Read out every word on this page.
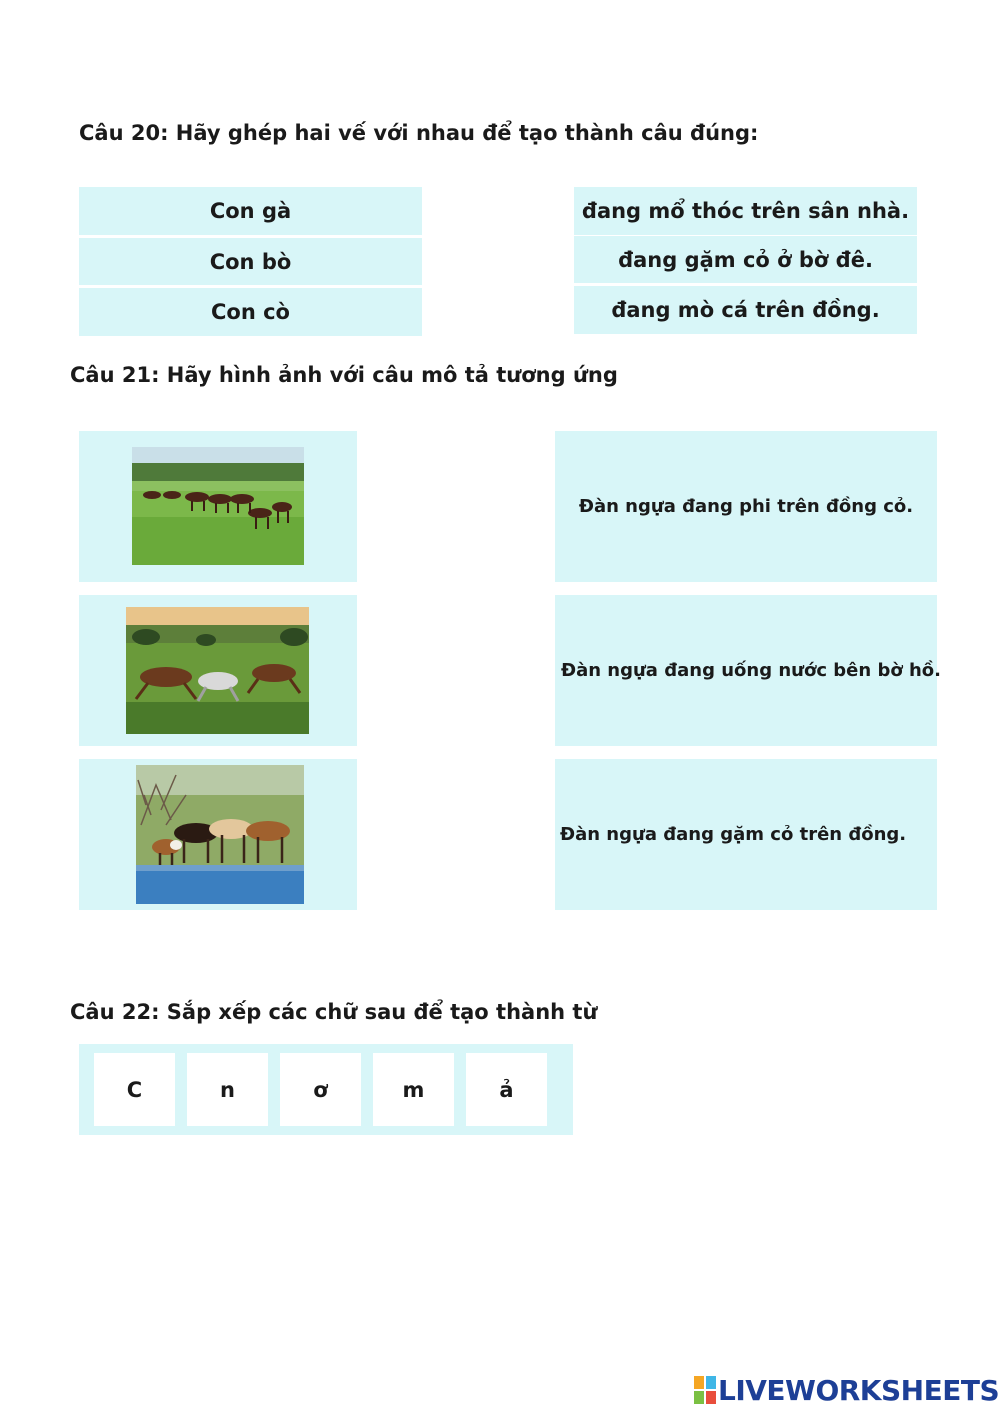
Câu 20: Hãy ghép hai vế với nhau để tạo thành câu đúng:
Con gà
Con bò
Con cò
đang mổ thóc trên sân nhà.
đang gặm cỏ ở bờ đê.
đang mò cá trên đồng.
Câu 21: Hãy hình ảnh với câu mô tả tương ứng
Đàn ngựa đang phi trên đồng cỏ.
Đàn ngựa đang uống nước bên bờ hồ.
Đàn ngựa đang gặm cỏ trên đồng.
Câu 22: Sắp xếp các chữ sau để tạo thành từ
C	n	ơ	m	ả
LIVEWORKSHEETS
